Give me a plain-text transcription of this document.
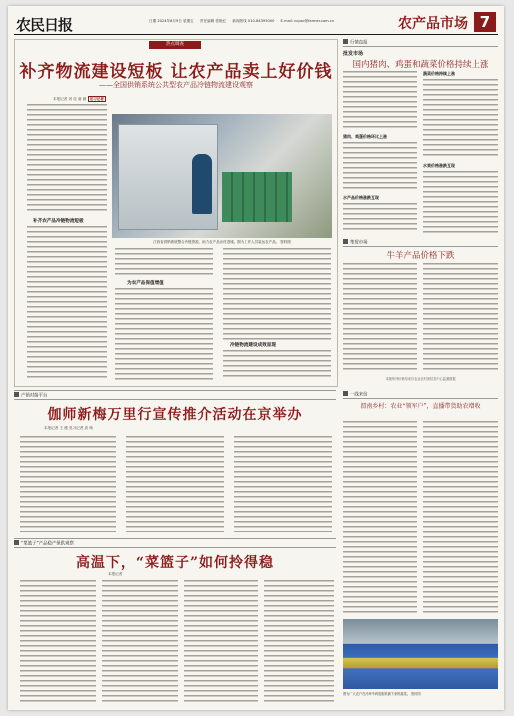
农民日报	日期 2024年8月9日 星期五 责任编辑 张艳红 新闻热线 010-84395000 E-mail: ncpsc@farmer.com.cn	农产品市场 7
热点调查
补齐物流建设短板 让农产品卖上好价钱
——全国供销系统公共型农产品冷链物流建设观察
本报记者 刘 佳 唐 颖 见习记者
补齐农产品冷链物流短板
江西省供销系统整合冷链资源，助力农产品出村进城。图为工作人员装运农产品。 资料图
为农产品保值增值
冷链物流建设成效显现
行情直报
批发市场
国内猪肉、鸡蛋和蔬菜价格持续上涨
猪肉、鸡蛋价格环比上涨
水产品价格涨跌互现
蔬菜价格持续上涨
水果价格涨跌互现
集贸市场
牛羊产品价格下跌
本版所刊价格均来自农业农村部信息中心监测数据
产销对接平台
伽师新梅万里行宣传推介活动在京举办
本报记者 王 薇 见习记者 高 萌
“菜篮子”产品稳产保供观察
高温下，“菜篮子”如何拎得稳
本报记者
一线来信
渭南乡村：农业“领军户”，直播带货助农增收
图为广大农户在冷库中码放刚采摘下来的蔬菜。 资料图
